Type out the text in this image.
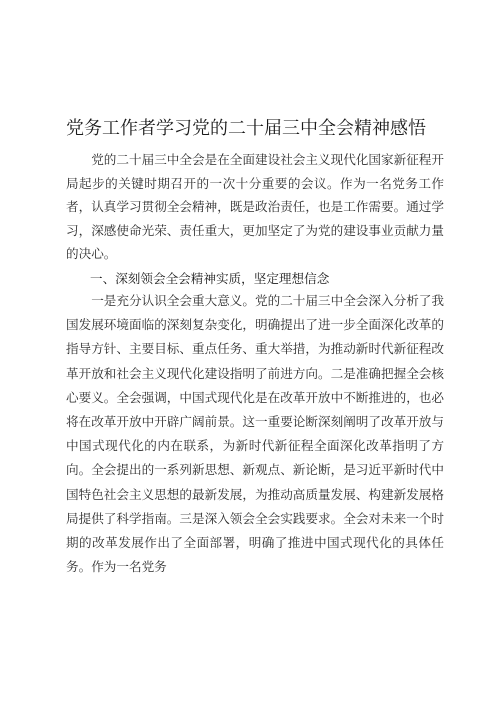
党务工作者学习党的二十届三中全会精神感悟

党的二十届三中全会是在全面建设社会主义现代化国家新征程开局起步的关键时期召开的一次十分重要的会议。作为一名党务工作者，认真学习贯彻全会精神，既是政治责任，也是工作需要。通过学习，深感使命光荣、责任重大，更加坚定了为党的建设事业贡献力量的决心。

一、深刻领会全会精神实质，坚定理想信念

一是充分认识全会重大意义。党的二十届三中全会深入分析了我国发展环境面临的深刻复杂变化，明确提出了进一步全面深化改革的指导方针、主要目标、重点任务、重大举措，为推动新时代新征程改革开放和社会主义现代化建设指明了前进方向。二是准确把握全会核心要义。全会强调，中国式现代化是在改革开放中不断推进的，也必将在改革开放中开辟广阔前景。这一重要论断深刻阐明了改革开放与中国式现代化的内在联系，为新时代新征程全面深化改革指明了方向。全会提出的一系列新思想、新观点、新论断，是习近平新时代中国特色社会主义思想的最新发展，为推动高质量发展、构建新发展格局提供了科学指南。三是深入领会全会实践要求。全会对未来一个时期的改革发展作出了全面部署，明确了推进中国式现代化的具体任务。作为一名党务
